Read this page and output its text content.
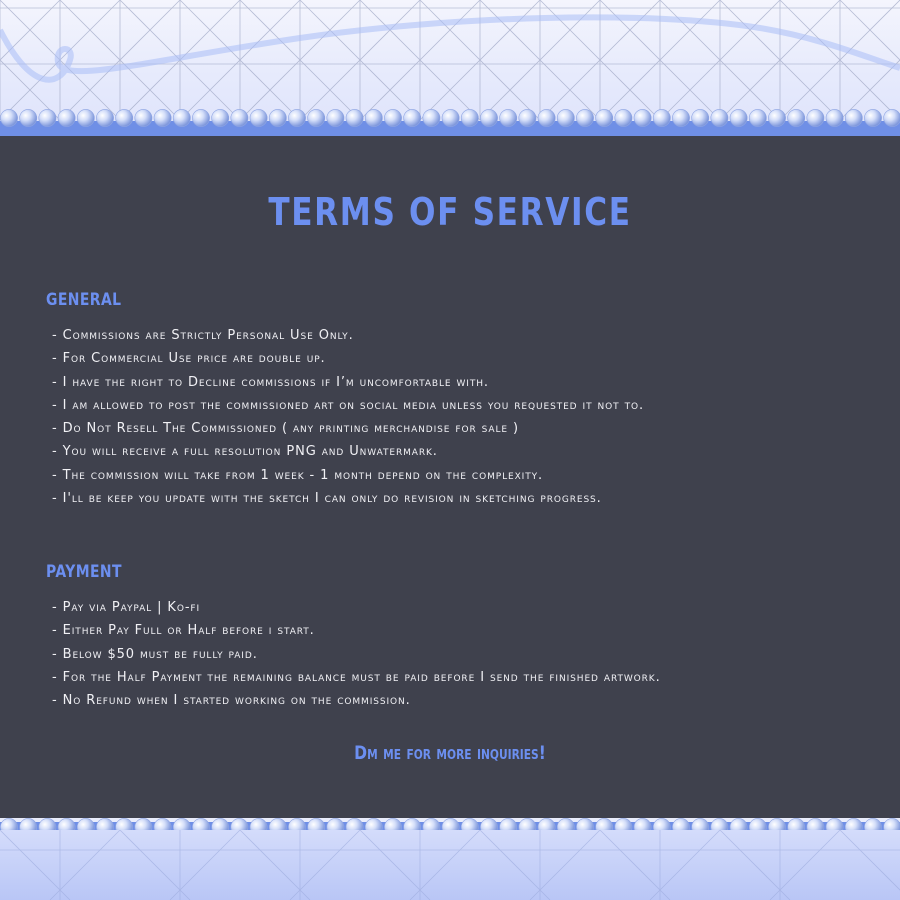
TERMS OF SERVICE
GENERAL
- Commissions are Strictly Personal Use Only.
- For Commercial Use price are double up.
- I have the right to Decline commissions if I’m uncomfortable with.
- I am allowed to post the commissioned art on social media unless you requested it not to.
- Do Not Resell The Commissioned ( any printing merchandise for sale )
- You will receive a full resolution PNG and Unwatermark.
- The commission will take from 1 week - 1 month depend on the complexity.
- I'll be keep you update with the sketch I can only do revision in sketching progress.
PAYMENT
- Pay via Paypal | Ko-fi
- Either Pay Full or Half before i start.
- Below $50 must be fully paid.
- For the Half Payment the remaining balance must be paid before I send the finished artwork.
- No Refund when I started working on the commission.
Dm me for more inquiries!
